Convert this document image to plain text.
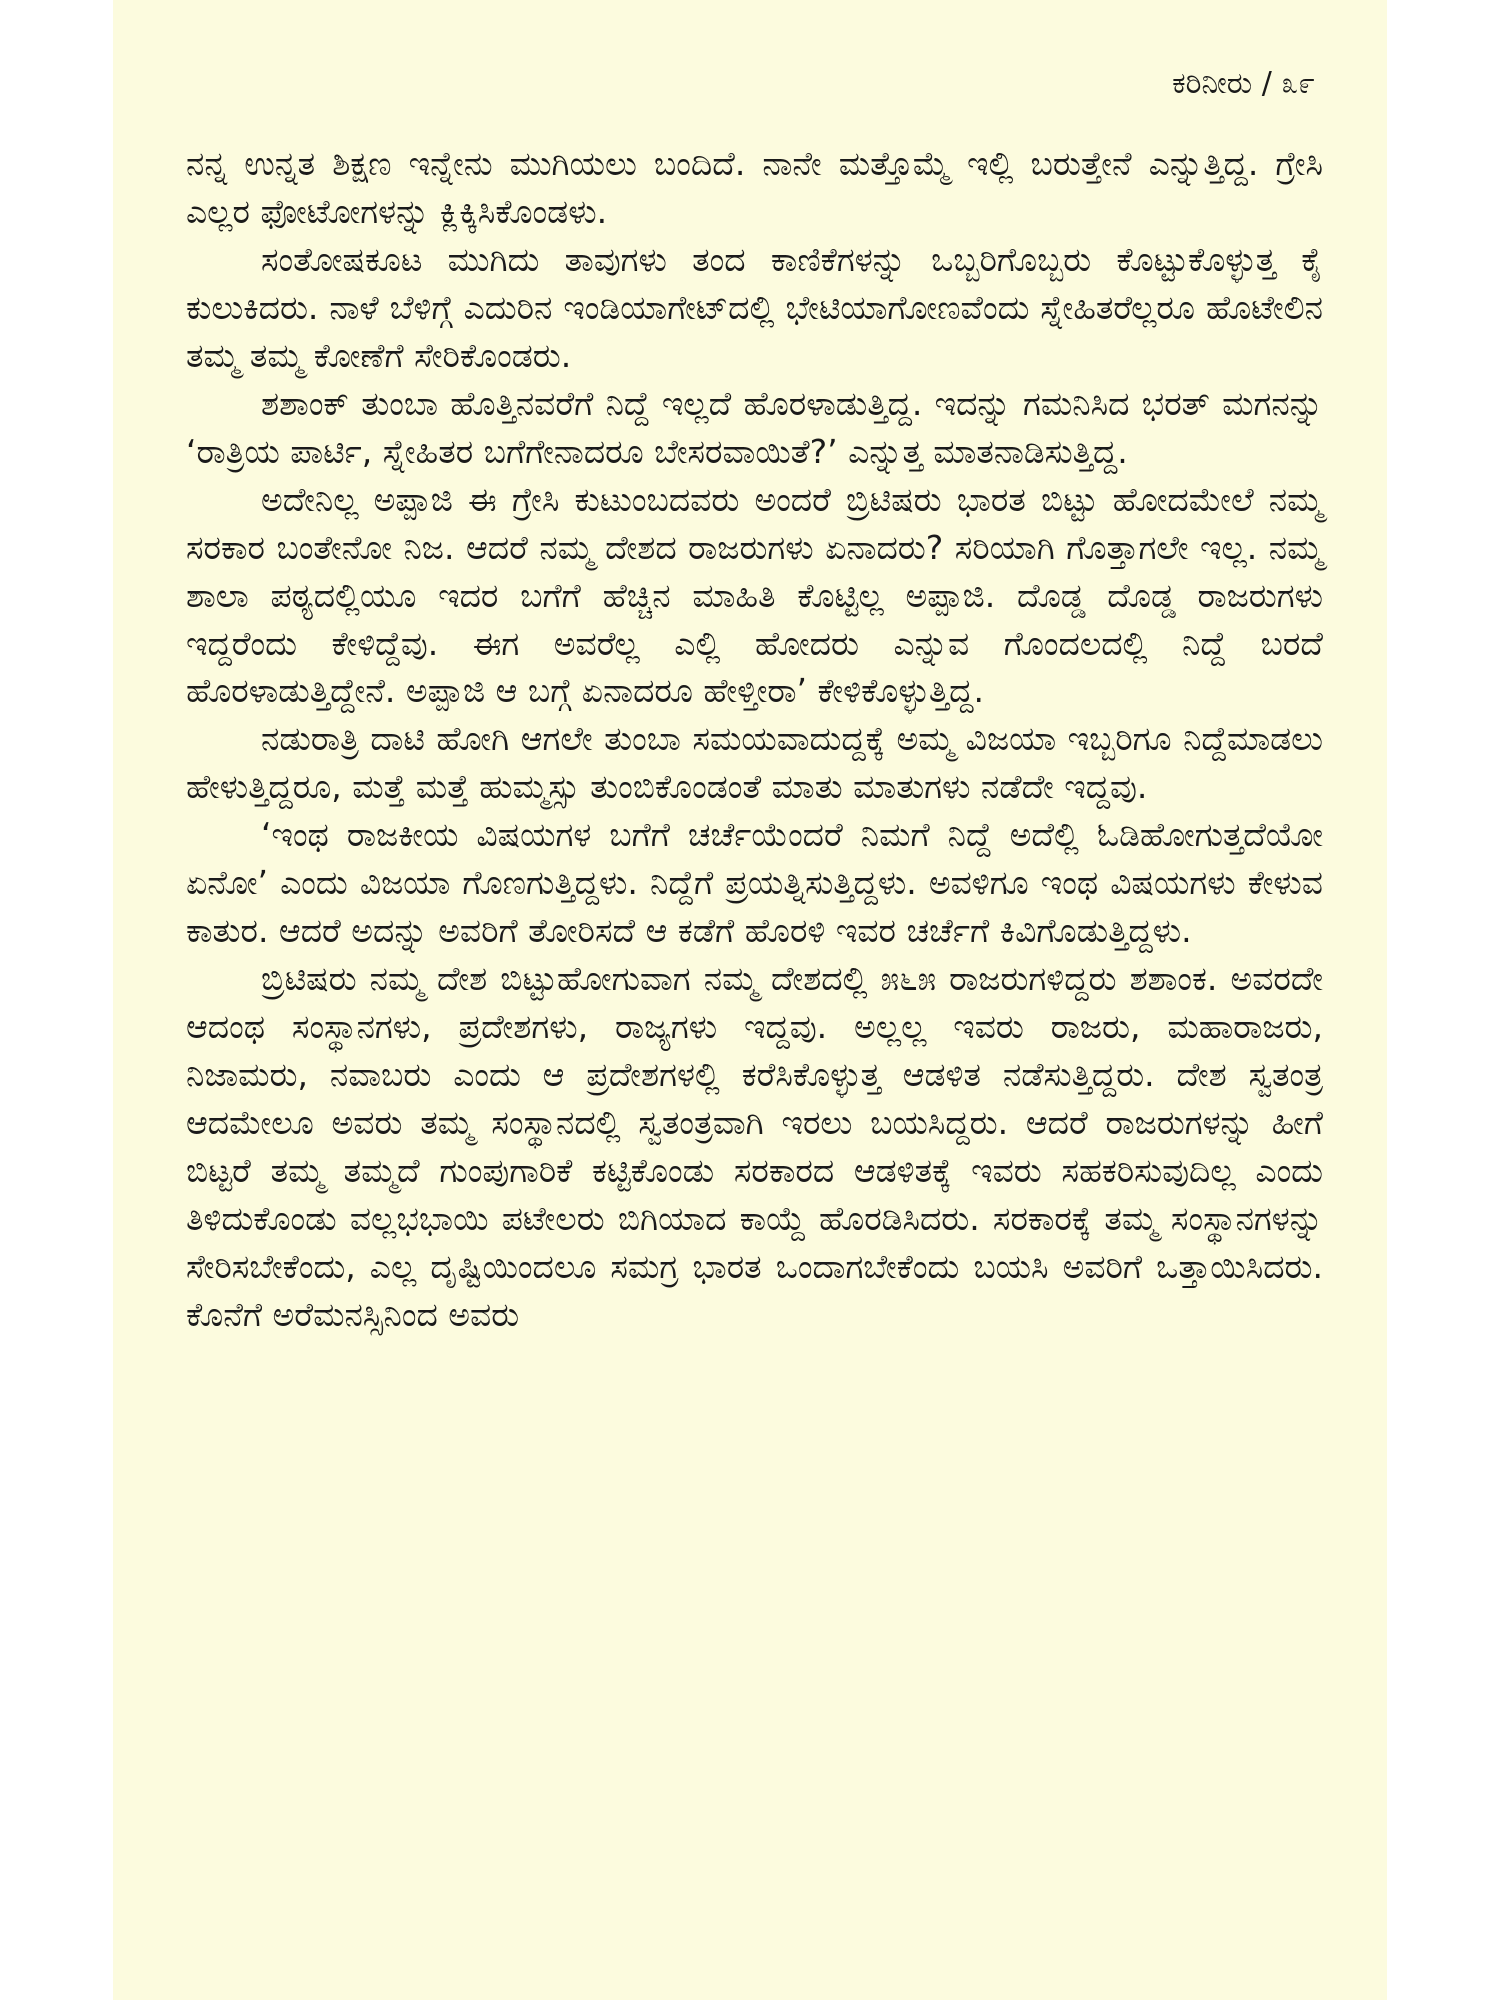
ಕರಿನೀರು / ೩೯

ನನ್ನ ಉನ್ನತ ಶಿಕ್ಷಣ ಇನ್ನೇನು ಮುಗಿಯಲು ಬಂದಿದೆ. ನಾನೇ ಮತ್ತೊಮ್ಮೆ ಇಲ್ಲಿ ಬರುತ್ತೇನೆ ಎನ್ನುತ್ತಿದ್ದ. ಗ್ರೇಸಿ ಎಲ್ಲರ ಫೋಟೋಗಳನ್ನು ಕ್ಲಿಕ್ಕಿಸಿಕೊಂಡಳು.

ಸಂತೋಷಕೂಟ ಮುಗಿದು ತಾವುಗಳು ತಂದ ಕಾಣಿಕೆಗಳನ್ನು ಒಬ್ಬರಿಗೊಬ್ಬರು ಕೊಟ್ಟುಕೊಳ್ಳುತ್ತ ಕೈ ಕುಲುಕಿದರು. ನಾಳೆ ಬೆಳಿಗ್ಗೆ ಎದುರಿನ ಇಂಡಿಯಾಗೇಟ್‌ದಲ್ಲಿ ಭೇಟಿಯಾಗೋಣವೆಂದು ಸ್ನೇಹಿತರೆಲ್ಲರೂ ಹೊಟೇಲಿನ ತಮ್ಮ ತಮ್ಮ ಕೋಣೆಗೆ ಸೇರಿಕೊಂಡರು.

ಶಶಾಂಕ್ ತುಂಬಾ ಹೊತ್ತಿನವರೆಗೆ ನಿದ್ದೆ ಇಲ್ಲದೆ ಹೊರಳಾಡುತ್ತಿದ್ದ. ಇದನ್ನು ಗಮನಿಸಿದ ಭರತ್ ಮಗನನ್ನು ‘ರಾತ್ರಿಯ ಪಾರ್ಟಿ, ಸ್ನೇಹಿತರ ಬಗೆಗೇನಾದರೂ ಬೇಸರವಾಯಿತೆ?’ ಎನ್ನುತ್ತ ಮಾತನಾಡಿಸುತ್ತಿದ್ದ.

ಅದೇನಿಲ್ಲ ಅಪ್ಪಾಜಿ ಈ ಗ್ರೇಸಿ ಕುಟುಂಬದವರು ಅಂದರೆ ಬ್ರಿಟಿಷರು ಭಾರತ ಬಿಟ್ಟು ಹೋದಮೇಲೆ ನಮ್ಮ ಸರಕಾರ ಬಂತೇನೋ ನಿಜ. ಆದರೆ ನಮ್ಮ ದೇಶದ ರಾಜರುಗಳು ಏನಾದರು? ಸರಿಯಾಗಿ ಗೊತ್ತಾಗಲೇ ಇಲ್ಲ. ನಮ್ಮ ಶಾಲಾ ಪಠ್ಯದಲ್ಲಿಯೂ ಇದರ ಬಗೆಗೆ ಹೆಚ್ಚಿನ ಮಾಹಿತಿ ಕೊಟ್ಟಿಲ್ಲ ಅಪ್ಪಾಜಿ. ದೊಡ್ಡ ದೊಡ್ಡ ರಾಜರುಗಳು ಇದ್ದರೆಂದು ಕೇಳಿದ್ದೆವು. ಈಗ ಅವರೆಲ್ಲ ಎಲ್ಲಿ ಹೋದರು ಎನ್ನುವ ಗೊಂದಲದಲ್ಲಿ ನಿದ್ದೆ ಬರದೆ ಹೊರಳಾಡುತ್ತಿದ್ದೇನೆ. ಅಪ್ಪಾಜಿ ಆ ಬಗ್ಗೆ ಏನಾದರೂ ಹೇಳ್ತೀರಾ’ ಕೇಳಿಕೊಳ್ಳುತ್ತಿದ್ದ.

ನಡುರಾತ್ರಿ ದಾಟಿ ಹೋಗಿ ಆಗಲೇ ತುಂಬಾ ಸಮಯವಾದುದ್ದಕ್ಕೆ ಅಮ್ಮ ವಿಜಯಾ ಇಬ್ಬರಿಗೂ ನಿದ್ದೆಮಾಡಲು ಹೇಳುತ್ತಿದ್ದರೂ, ಮತ್ತೆ ಮತ್ತೆ ಹುಮ್ಮಸ್ಸು ತುಂಬಿಕೊಂಡಂತೆ ಮಾತು ಮಾತುಗಳು ನಡೆದೇ ಇದ್ದವು.

‘ಇಂಥ ರಾಜಕೀಯ ವಿಷಯಗಳ ಬಗೆಗೆ ಚರ್ಚೆಯೆಂದರೆ ನಿಮಗೆ ನಿದ್ದೆ ಅದೆಲ್ಲಿ ಓಡಿಹೋಗುತ್ತದೆಯೋ ಏನೋ’ ಎಂದು ವಿಜಯಾ ಗೊಣಗುತ್ತಿದ್ದಳು. ನಿದ್ದೆಗೆ ಪ್ರಯತ್ನಿಸುತ್ತಿದ್ದಳು. ಅವಳಿಗೂ ಇಂಥ ವಿಷಯಗಳು ಕೇಳುವ ಕಾತುರ. ಆದರೆ ಅದನ್ನು ಅವರಿಗೆ ತೋರಿಸದೆ ಆ ಕಡೆಗೆ ಹೊರಳಿ ಇವರ ಚರ್ಚೆಗೆ ಕಿವಿಗೊಡುತ್ತಿದ್ದಳು.

ಬ್ರಿಟಿಷರು ನಮ್ಮ ದೇಶ ಬಿಟ್ಟುಹೋಗುವಾಗ ನಮ್ಮ ದೇಶದಲ್ಲಿ ೫೬೫ ರಾಜರುಗಳಿದ್ದರು ಶಶಾಂಕ. ಅವರದೇ ಆದಂಥ ಸಂಸ್ಥಾನಗಳು, ಪ್ರದೇಶಗಳು, ರಾಜ್ಯಗಳು ಇದ್ದವು. ಅಲ್ಲಲ್ಲ ಇವರು ರಾಜರು, ಮಹಾರಾಜರು, ನಿಜಾಮರು, ನವಾಬರು ಎಂದು ಆ ಪ್ರದೇಶಗಳಲ್ಲಿ ಕರೆಸಿಕೊಳ್ಳುತ್ತ ಆಡಳಿತ ನಡೆಸುತ್ತಿದ್ದರು. ದೇಶ ಸ್ವತಂತ್ರ ಆದಮೇಲೂ ಅವರು ತಮ್ಮ ಸಂಸ್ಥಾನದಲ್ಲಿ ಸ್ವತಂತ್ರವಾಗಿ ಇರಲು ಬಯಸಿದ್ದರು. ಆದರೆ ರಾಜರುಗಳನ್ನು ಹೀಗೆ ಬಿಟ್ಟರೆ ತಮ್ಮ ತಮ್ಮದೆ ಗುಂಪುಗಾರಿಕೆ ಕಟ್ಟಿಕೊಂಡು ಸರಕಾರದ ಆಡಳಿತಕ್ಕೆ ಇವರು ಸಹಕರಿಸುವುದಿಲ್ಲ ಎಂದು ತಿಳಿದುಕೊಂಡು ವಲ್ಲಭಭಾಯಿ ಪಟೇಲರು ಬಿಗಿಯಾದ ಕಾಯ್ದೆ ಹೊರಡಿಸಿದರು. ಸರಕಾರಕ್ಕೆ ತಮ್ಮ ಸಂಸ್ಥಾನಗಳನ್ನು ಸೇರಿಸಬೇಕೆಂದು, ಎಲ್ಲ ದೃಷ್ಟಿಯಿಂದಲೂ ಸಮಗ್ರ ಭಾರತ ಒಂದಾಗಬೇಕೆಂದು ಬಯಸಿ ಅವರಿಗೆ ಒತ್ತಾಯಿಸಿದರು. ಕೊನೆಗೆ ಅರೆಮನಸ್ಸಿನಿಂದ ಅವರು
